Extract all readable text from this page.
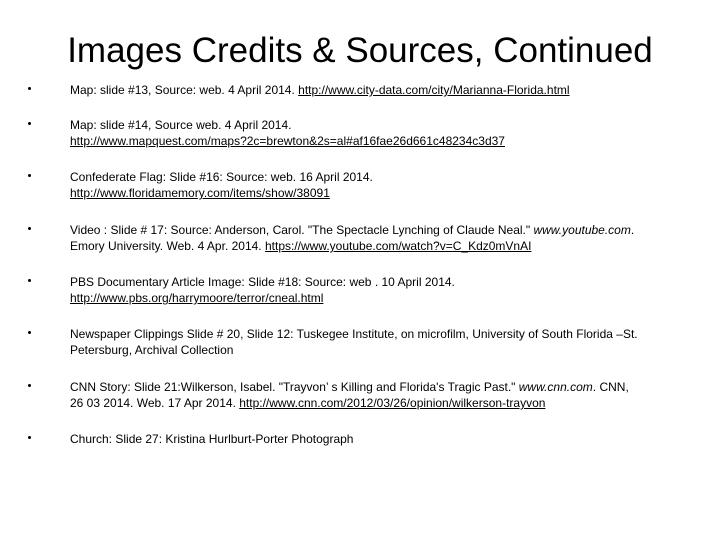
Images Credits & Sources, Continued
Map: slide #13, Source: web. 4 April 2014. http://www.city-data.com/city/Marianna-Florida.html
Map: slide #14, Source web. 4 April 2014.
http://www.mapquest.com/maps?2c=brewton&2s=al#af16fae26d661c48234c3d37
Confederate Flag: Slide #16: Source: web. 16 April 2014.
http://www.floridamemory.com/items/show/38091
Video : Slide # 17: Source: Anderson, Carol. "The Spectacle Lynching of Claude Neal." www.youtube.com.
Emory University. Web. 4 Apr. 2014. https://www.youtube.com/watch?v=C_Kdz0mVnAI
PBS Documentary Article Image: Slide #18: Source: web . 10 April 2014.
http://www.pbs.org/harrymoore/terror/cneal.html
Newspaper Clippings Slide # 20, Slide 12: Tuskegee Institute, on microfilm, University of South Florida –St.
Petersburg, Archival Collection
CNN Story: Slide 21:Wilkerson, Isabel. "Trayvon’ s Killing and Florida's Tragic Past." www.cnn.com. CNN,
26 03 2014. Web. 17 Apr 2014. http://www.cnn.com/2012/03/26/opinion/wilkerson-trayvon
Church: Slide 27: Kristina Hurlburt-Porter Photograph
